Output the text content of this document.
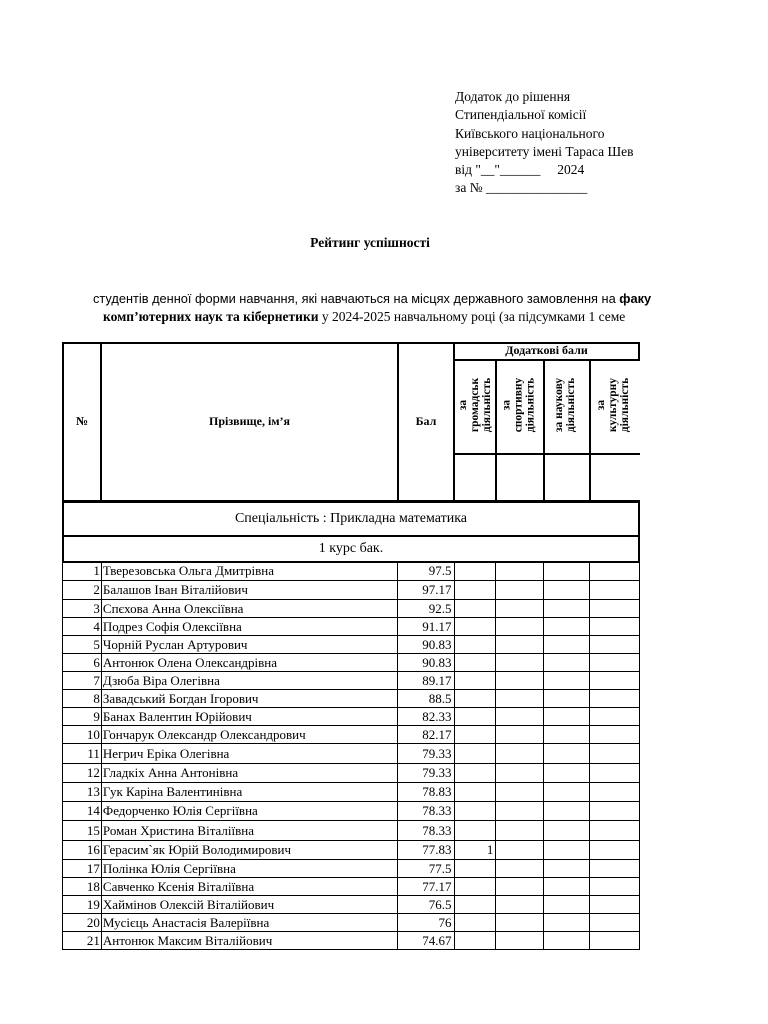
Додаток до рішення
Стипендіальної комісії
Київського національного
університету імені Тараса Шев
від "__"______     2024
за № _______________
Рейтинг успішності
студентів денної форми навчання, які навчаються на місцях державного замовлення на факу
комп’ютерних наук та кібернетики у 2024-2025 навчальному році (за підсумками 1 семе
№	Прізвище, ім’я	Бал
Додаткові бали
за громадськ діяльність за спортивну діяльність за наукову діяльність за культурну діяльність
Спеціальність : Прикладна математика
1 курс бак.
1	Тверезовська Ольга Дмитрівна	97.5				
2	Балашов Іван Віталійович	97.17				
3	Спєхова Анна Олексіївна	92.5				
4	Подрез Софія Олексіївна	91.17				
5	Чорній Руслан Артурович	90.83				
6	Антонюк Олена Олександрівна	90.83				
7	Дзюба Віра Олегівна	89.17				
8	Завадський Богдан Ігорович	88.5				
9	Банах Валентин Юрійович	82.33				
10	Гончарук Олександр Олександрович	82.17				
11	Негрич Еріка Олегівна	79.33				
12	Гладкіх Анна Антонівна	79.33				
13	Гук Каріна Валентинівна	78.83				
14	Федорченко Юлія Сергіївна	78.33				
15	Роман Христина Віталіївна	78.33				
16	Герасим`як Юрій Володимирович	77.83	1			
17	Полінка Юлія Сергіївна	77.5				
18	Савченко Ксенія Віталіївна	77.17				
19	Хаймінов Олексій Віталійович	76.5				
20	Мусієць Анастасія Валеріївна	76				
21	Антонюк Максим Віталійович	74.67				
